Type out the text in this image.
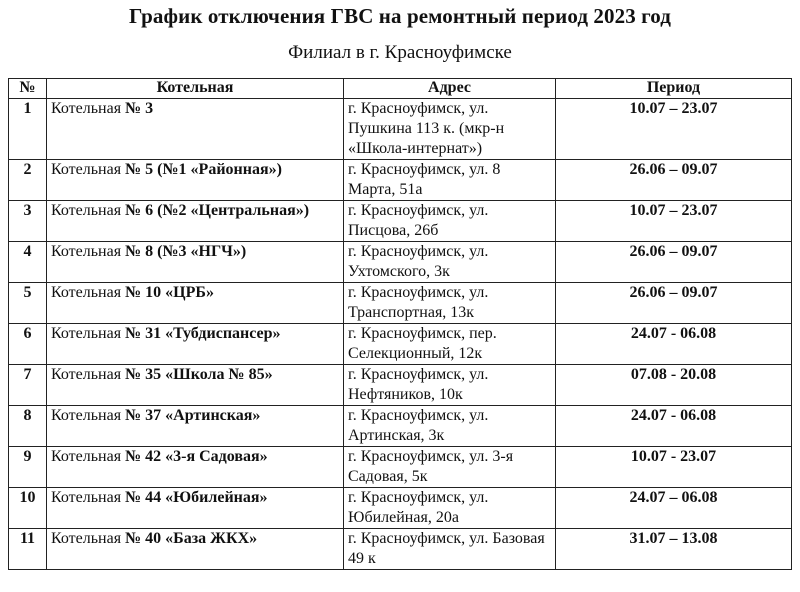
График отключения ГВС на ремонтный период 2023 год
Филиал в г. Красноуфимске
№	Котельная	Адрес	Период
1	Котельная № 3	г. Красноуфимск, ул. Пушкина 113 к. (мкр-н «Школа-интернат»)	10.07 – 23.07
2	Котельная № 5 (№1 «Районная»)	г. Красноуфимск, ул. 8 Марта, 51а	26.06 – 09.07
3	Котельная № 6 (№2 «Центральная»)	г. Красноуфимск, ул. Писцова, 26б	10.07 – 23.07
4	Котельная № 8 (№3 «НГЧ»)	г. Красноуфимск, ул. Ухтомского, 3к	26.06 – 09.07
5	Котельная № 10 «ЦРБ»	г. Красноуфимск, ул. Транспортная, 13к	26.06 – 09.07
6	Котельная № 31 «Тубдиспансер»	г. Красноуфимск, пер. Селекционный, 12к	24.07 - 06.08
7	Котельная № 35 «Школа № 85»	г. Красноуфимск, ул. Нефтяников, 10к	07.08 - 20.08
8	Котельная № 37 «Артинская»	г. Красноуфимск, ул. Артинская, 3к	24.07 - 06.08
9	Котельная № 42 «3-я Садовая»	г. Красноуфимск, ул. 3-я Садовая, 5к	10.07 - 23.07
10	Котельная № 44 «Юбилейная»	г. Красноуфимск, ул. Юбилейная, 20а	24.07 – 06.08
11	Котельная № 40 «База ЖКХ»	г. Красноуфимск, ул. Базовая 49 к	31.07 – 13.08
